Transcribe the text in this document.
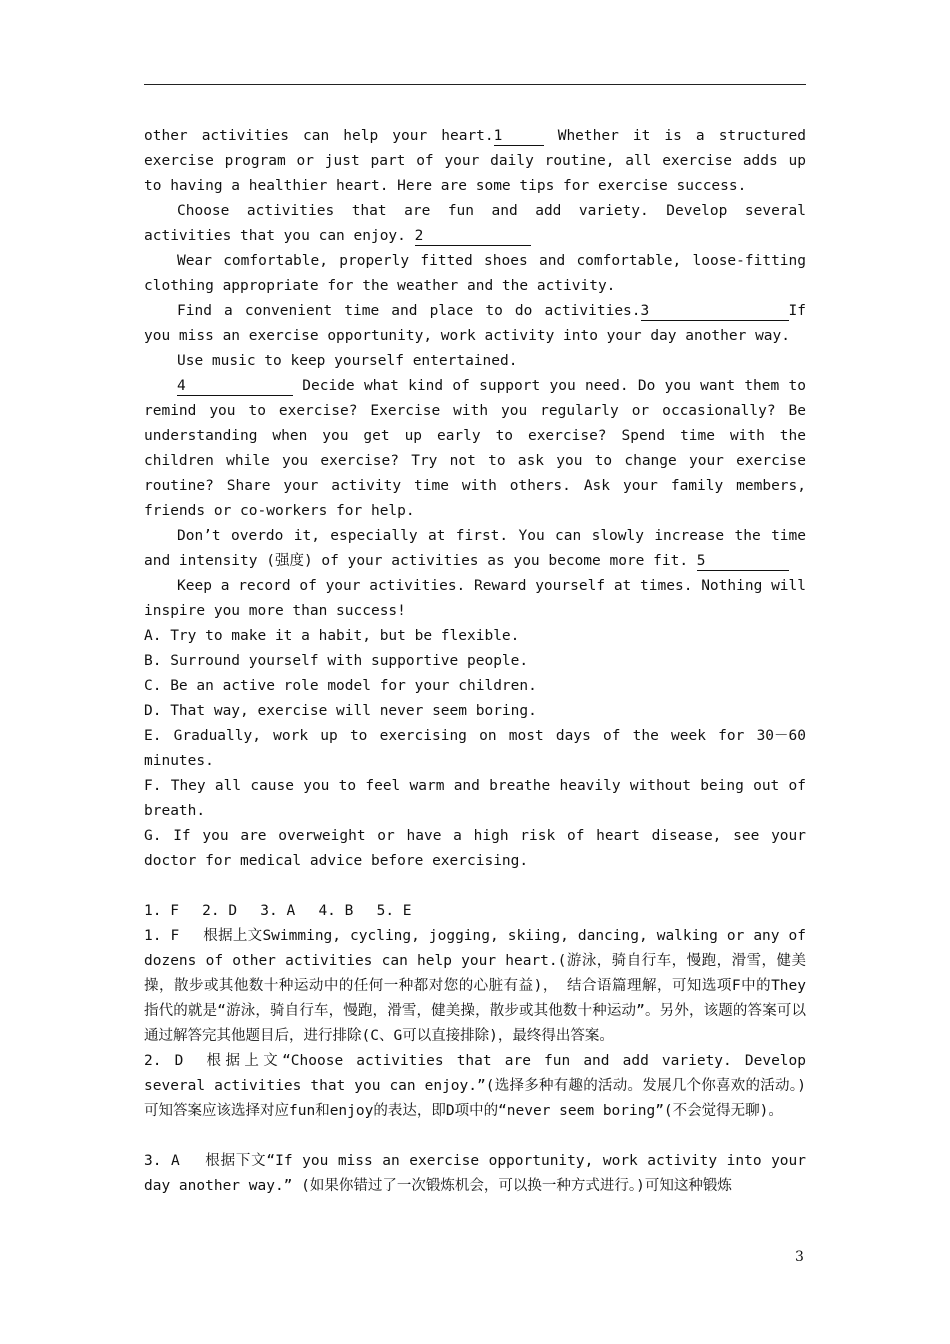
other activities can help your heart.1	Whether it is a structured exercise program or just part of your daily routine, all exercise adds up to having a healthier heart. Here are some tips for exercise success.

Choose activities that are fun and add variety. Develop several activities that you can enjoy. 2

Wear comfortable, properly fitted shoes and comfortable, loose-fitting clothing appropriate for the weather and the activity.

Find a convenient time and place to do activities.3	If you miss an exercise opportunity, work activity into your day another way.

Use music to keep yourself entertained.

4	Decide what kind of support you need. Do you want them to remind you to exercise? Exercise with you regularly or occasionally? Be understanding when you get up early to exercise? Spend time with the children while you exercise? Try not to ask you to change your exercise routine? Share your activity time with others. Ask your family members, friends or co-workers for help.

Don’t overdo it, especially at first. You can slowly increase the time and intensity (强度) of your activities as you become more fit. 5

Keep a record of your activities. Reward yourself at times. Nothing will inspire you more than success!

A. Try to make it a habit, but be flexible.

B. Surround yourself with supportive people.

C. Be an active role model for your children.

D. That way, exercise will never seem boring.

E. Gradually, work up to exercising on most days of the week for 30－60 minutes.

F. They all cause you to feel warm and breathe heavily without being out of breath.

G. If you are overweight or have a high risk of heart disease, see your doctor for medical advice before exercising.

1. F　 2. D　 3. A　 4. B　 5. E

1. F　 根据上文Swimming, cycling, jogging, skiing, dancing, walking or any of dozens of other activities can help your heart.(游泳，骑自行车，慢跑，滑雪，健美操，散步或其他数十种运动中的任何一种都对您的心脏有益)， 结合语篇理解，可知选项F中的They 指代的就是“游泳，骑自行车，慢跑，滑雪，健美操，散步或其他数十种运动”。另外，该题的答案可以通过解答完其他题目后，进行排除(C、G可以直接排除)，最终得出答案。

2. D　根据上文“Choose activities that are fun and add variety. Develop several activities that you can enjoy.”(选择多种有趣的活动。发展几个你喜欢的活动。) 可知答案应该选择对应fun和enjoy的表达，即D项中的“never seem boring”(不会觉得无聊)。

3. A　 根据下文“If you miss an exercise opportunity, work activity into your day another way.” (如果你错过了一次锻炼机会，可以换一种方式进行。)可知这种锻炼

3
